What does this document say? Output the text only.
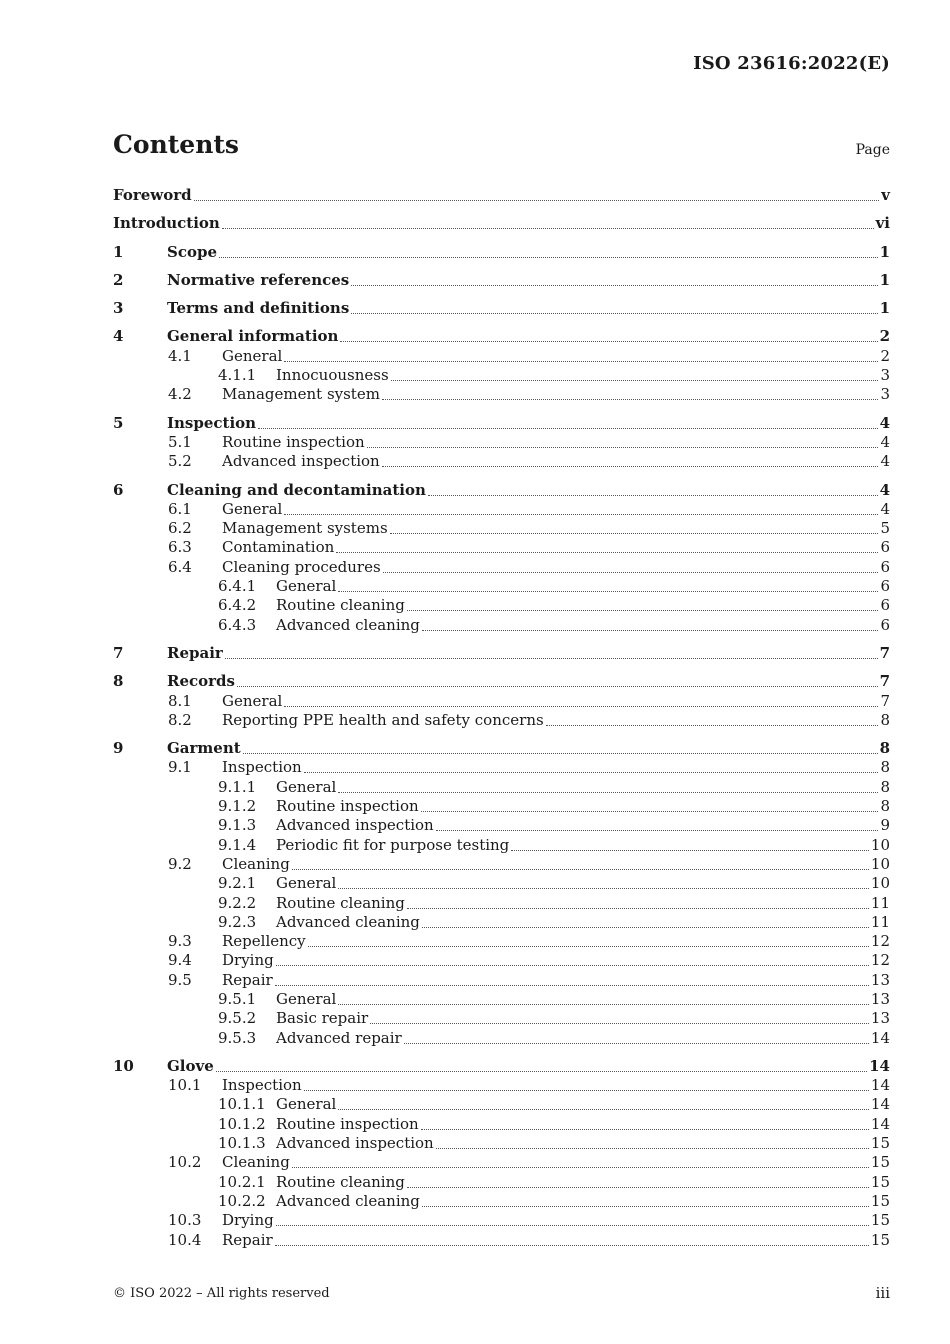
ISO 23616:2022(E)
Contents	Page
Foreword	v
Introduction	vi
1	Scope	1
2	Normative references	1
3	Terms and definitions	1
4	General information	2
4.1 General	2
4.1.1 Innocuousness	3
4.2 Management system	3
5	Inspection	4
5.1 Routine inspection	4
5.2 Advanced inspection	4
6	Cleaning and decontamination	4
6.1 General	4
6.2 Management systems	5
6.3 Contamination	6
6.4 Cleaning procedures	6
6.4.1 General	6
6.4.2 Routine cleaning	6
6.4.3 Advanced cleaning	6
7	Repair	7
8	Records	7
8.1 General	7
8.2 Reporting PPE health and safety concerns	8
9	Garment	8
9.1 Inspection	8
9.1.1 General	8
9.1.2 Routine inspection	8
9.1.3 Advanced inspection	9
9.1.4 Periodic fit for purpose testing	10
9.2 Cleaning	10
9.2.1 General	10
9.2.2 Routine cleaning	11
9.2.3 Advanced cleaning	11
9.3 Repellency	12
9.4 Drying	12
9.5 Repair	13
9.5.1 General	13
9.5.2 Basic repair	13
9.5.3 Advanced repair	14
10 Glove	14
10.1 Inspection	14
10.1.1 General	14
10.1.2 Routine inspection	14
10.1.3 Advanced inspection	15
10.2 Cleaning	15
10.2.1 Routine cleaning	15
10.2.2 Advanced cleaning	15
10.3 Drying	15
10.4 Repair	15
© ISO 2022 – All rights reserved	iii
